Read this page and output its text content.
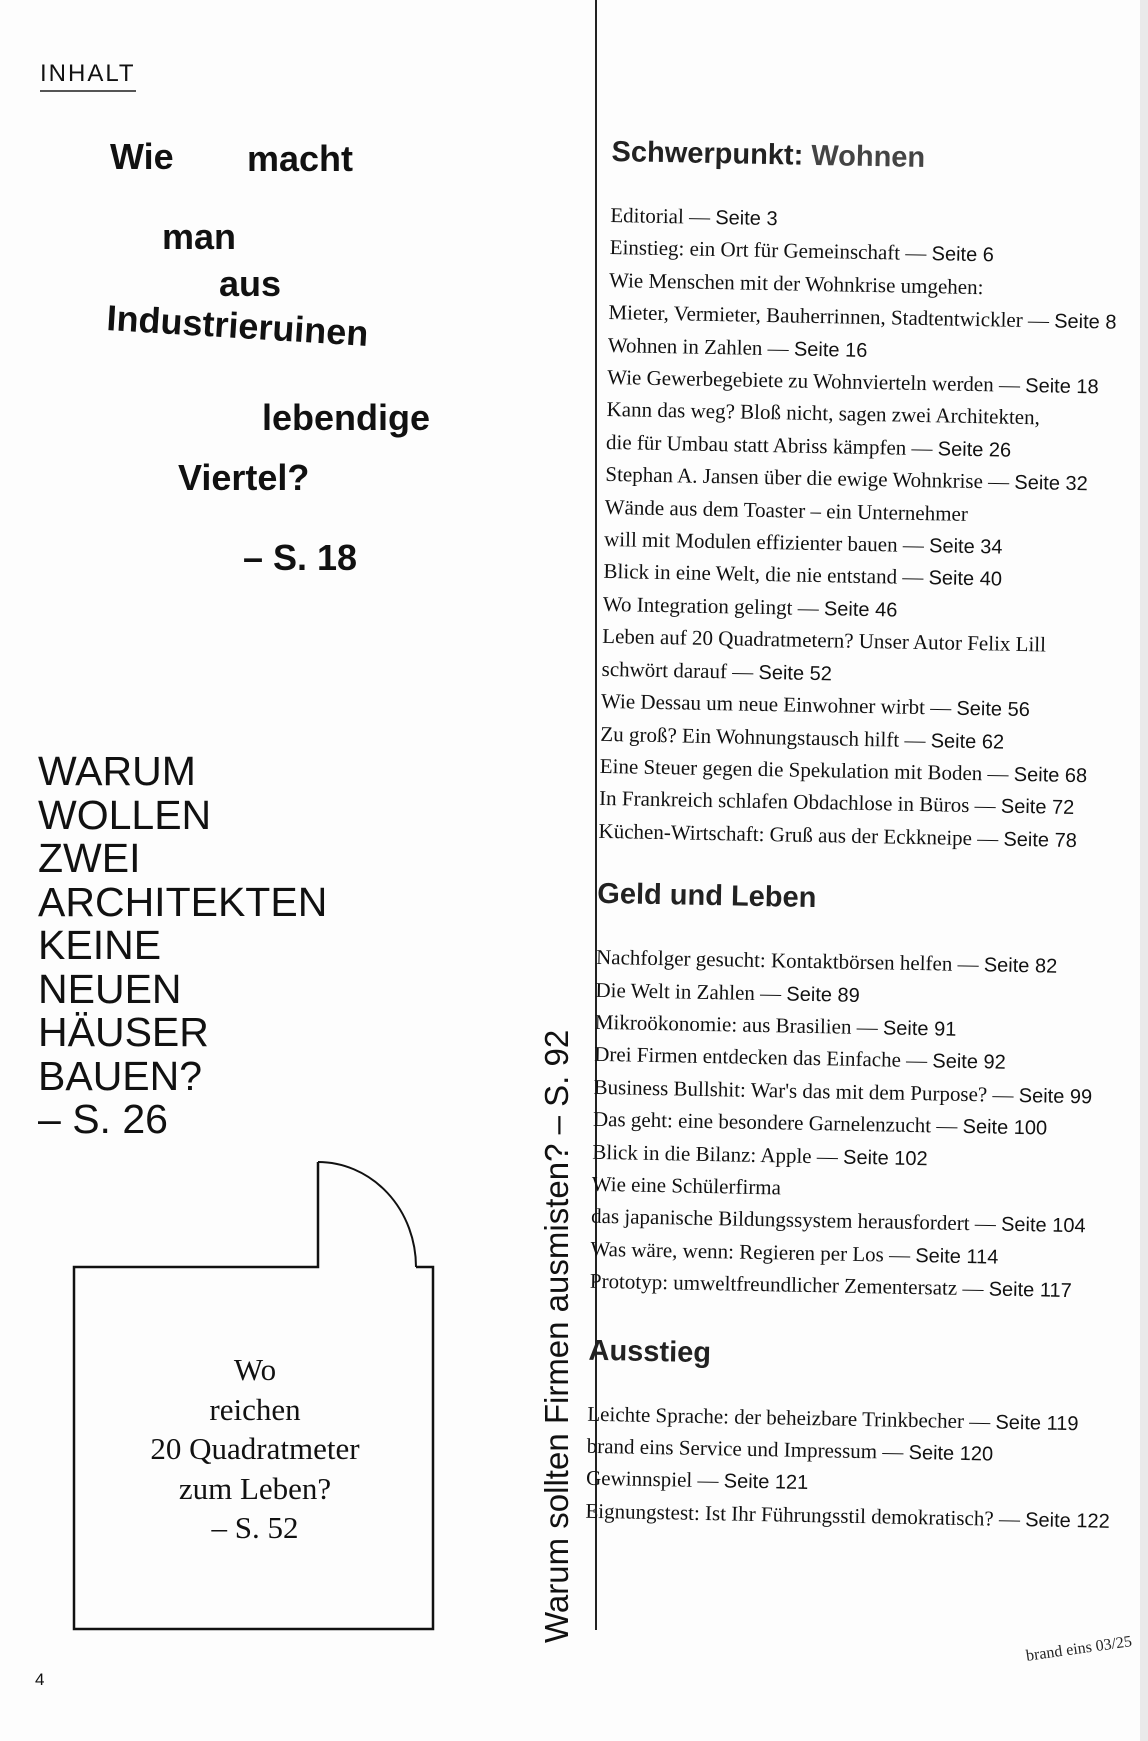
INHALT
Wie macht
man
aus
Industrieruinen
lebendige
Viertel?
– S. 18
WARUM
WOLLEN
ZWEI
ARCHITEKTEN
KEINE
NEUEN
HÄUSER
BAUEN?
– S. 26
Wo
reichen
20 Quadratmeter
zum Leben?
– S. 52	Warum sollten Firmen ausmisten? – S. 92
Schwerpunkt: Wohnen
Editorial — Seite 3
Einstieg: ein Ort für Gemeinschaft — Seite 6
Wie Menschen mit der Wohnkrise umgehen:
Mieter, Vermieter, Bauherrinnen, Stadtentwickler — Seite 8
Wohnen in Zahlen — Seite 16
Wie Gewerbegebiete zu Wohnvierteln werden — Seite 18
Kann das weg? Bloß nicht, sagen zwei Architekten,
die für Umbau statt Abriss kämpfen — Seite 26
Stephan A. Jansen über die ewige Wohnkrise — Seite 32
Wände aus dem Toaster – ein Unternehmer
will mit Modulen effizienter bauen — Seite 34
Blick in eine Welt, die nie entstand — Seite 40
Wo Integration gelingt — Seite 46
Leben auf 20 Quadratmetern? Unser Autor Felix Lill
schwört darauf — Seite 52
Wie Dessau um neue Einwohner wirbt — Seite 56
Zu groß? Ein Wohnungstausch hilft — Seite 62
Eine Steuer gegen die Spekulation mit Boden — Seite 68
In Frankreich schlafen Obdachlose in Büros — Seite 72
Küchen-Wirtschaft: Gruß aus der Eckkneipe — Seite 78
Geld und Leben
Nachfolger gesucht: Kontaktbörsen helfen — Seite 82
Die Welt in Zahlen — Seite 89
Mikroökonomie: aus Brasilien — Seite 91
Drei Firmen entdecken das Einfache — Seite 92
Business Bullshit: War's das mit dem Purpose? — Seite 99
Das geht: eine besondere Garnelenzucht — Seite 100
Blick in die Bilanz: Apple — Seite 102
Wie eine Schülerfirma
das japanische Bildungssystem herausfordert — Seite 104
Was wäre, wenn: Regieren per Los — Seite 114
Prototyp: umweltfreundlicher Zementersatz — Seite 117
Ausstieg
Leichte Sprache: der beheizbare Trinkbecher — Seite 119
brand eins Service und Impressum — Seite 120
Gewinnspiel — Seite 121
Eignungstest: Ist Ihr Führungsstil demokratisch? — Seite 122
4
brand eins 03/25
